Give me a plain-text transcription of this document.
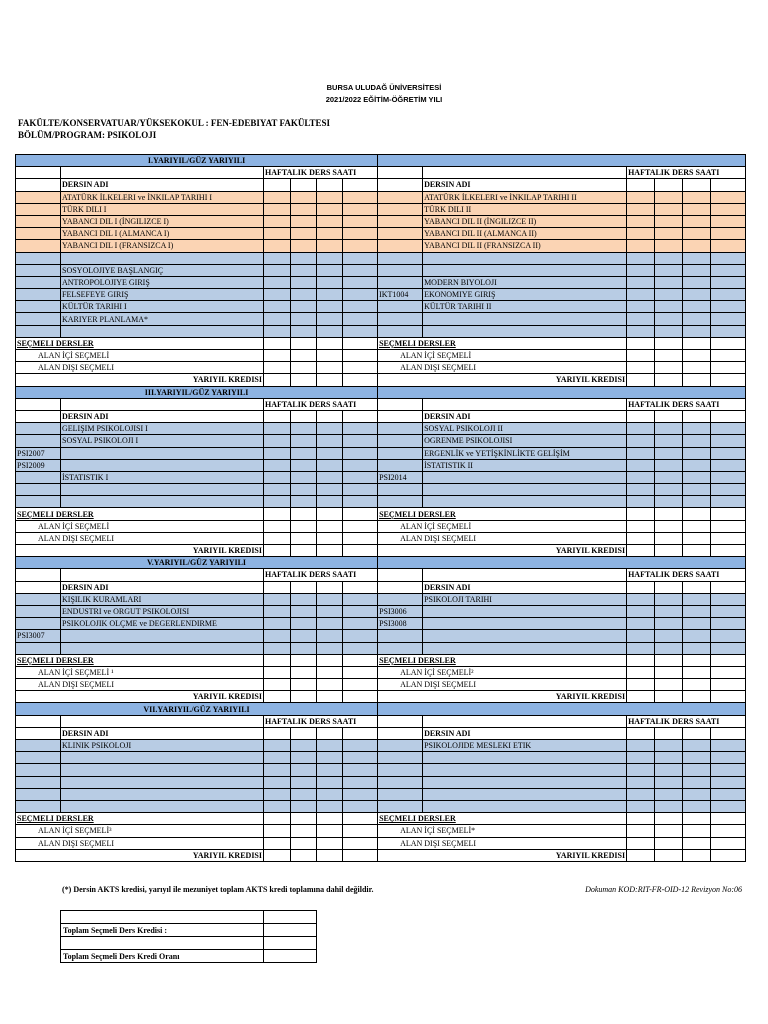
BURSA ULUDAĞ ÜNİVERSİTESİ
2021/2022 EĞİTİM-ÖĞRETİM YILI
FAKÜLTE/KONSERVATUAR/YÜKSEKOKUL : FEN-EDEBIYAT FAKÜLTESI
BÖLÜM/PROGRAM: PSIKOLOJI
I.YARIYIL/GÜZ YARIYILI											
		HAFTALIK DERS SAATI						HAFTALIK DERS SAATI			
	DERSIN ADI						DERSIN ADI				
	ATATÜRK İLKELERI ve İNKILAP TARIHI I						ATATÜRK İLKELERI ve İNKILAP TARIHI II				
	TÜRK DILI I						TÜRK DILI II				
	YABANCI DIL I (İNGILIZCE I)						YABANCI DIL II (İNGILIZCE II)				
	YABANCI DIL I (ALMANCA I)						YABANCI DIL II (ALMANCA II)				
	YABANCI DIL I (FRANSIZCA I)						YABANCI DIL II (FRANSIZCA II)				

	SOSYOLOJIYE BAŞLANGIÇ										
	ANTROPOLOJIYE GIRIŞ						MODERN BIYOLOJI				
	FELSEFEYE GIRIŞ					IKT1004	EKONOMIYE GIRIŞ				
	KÜLTÜR TARIHI I						KÜLTÜR TARIHI II				
	KARIYER PLANLAMA*										

SEÇMELI DERSLER						SEÇMELI DERSLER					
ALAN İÇİ SEÇMELİ						ALAN İÇİ SEÇMELİ					
ALAN DIŞI SEÇMELI						ALAN DIŞI SEÇMELI					
YARIYIL KREDISI						YARIYIL KREDISI					
III.YARIYIL/GÜZ YARIYILI											
		HAFTALIK DERS SAATI						HAFTALIK DERS SAATI			
	DERSIN ADI						DERSIN ADI				
	GELIŞIM PSIKOLOJISI I						SOSYAL PSIKOLOJI II				
	SOSYAL PSIKOLOJI I						OGRENME PSIKOLOJISI				
PSI2007							ERGENLİK ve YETİŞKİNLİKTE GELİŞİM				
PSI2009							İSTATISTIK II				
	İSTATISTIK I					PSI2014					

SEÇMELI DERSLER						SEÇMELI DERSLER					
ALAN İÇİ SEÇMELİ						ALAN İÇİ SEÇMELİ					
ALAN DIŞI SEÇMELI						ALAN DIŞI SEÇMELI					
YARIYIL KREDISI						YARIYIL KREDISI					
V.YARIYIL/GÜZ YARIYILI											
		HAFTALIK DERS SAATI						HAFTALIK DERS SAATI			
	DERSIN ADI						DERSIN ADI				
	KIŞILIK KURAMLARI						PSIKOLOJI TARIHI				
	ENDUSTRI ve ORGUT PSIKOLOJISI					PSI3006					
	PSIKOLOJIK OLÇME ve DEGERLENDIRME					PSI3008					
PSI3007											

SEÇMELI DERSLER						SEÇMELI DERSLER					
ALAN İÇİ SEÇMELİ ¹						ALAN İÇİ SEÇMELİ²					
ALAN DIŞI SEÇMELI						ALAN DIŞI SEÇMELI					
YARIYIL KREDISI						YARIYIL KREDISI					
VII.YARIYIL/GÜZ YARIYILI											
		HAFTALIK DERS SAATI						HAFTALIK DERS SAATI			
	DERSIN ADI						DERSIN ADI				
	KLINIK PSIKOLOJI						PSIKOLOJIDE MESLEKI ETIK				

SEÇMELI DERSLER						SEÇMELI DERSLER					
ALAN İÇİ SEÇMELİ³						ALAN İÇİ SEÇMELİ*					
ALAN DIŞI SEÇMELI						ALAN DIŞI SEÇMELI					
YARIYIL KREDISI						YARIYIL KREDISI					
(*) Dersin AKTS kredisi, yarıyıl ile mezuniyet toplam AKTS kredi toplamına dahil değildir.	Dokuman KOD:RIT-FR-OID-12 Revizyon No:06

Toplam Seçmeli Ders Kredisi :	

Toplam Seçmeli Ders Kredi Oranı	
